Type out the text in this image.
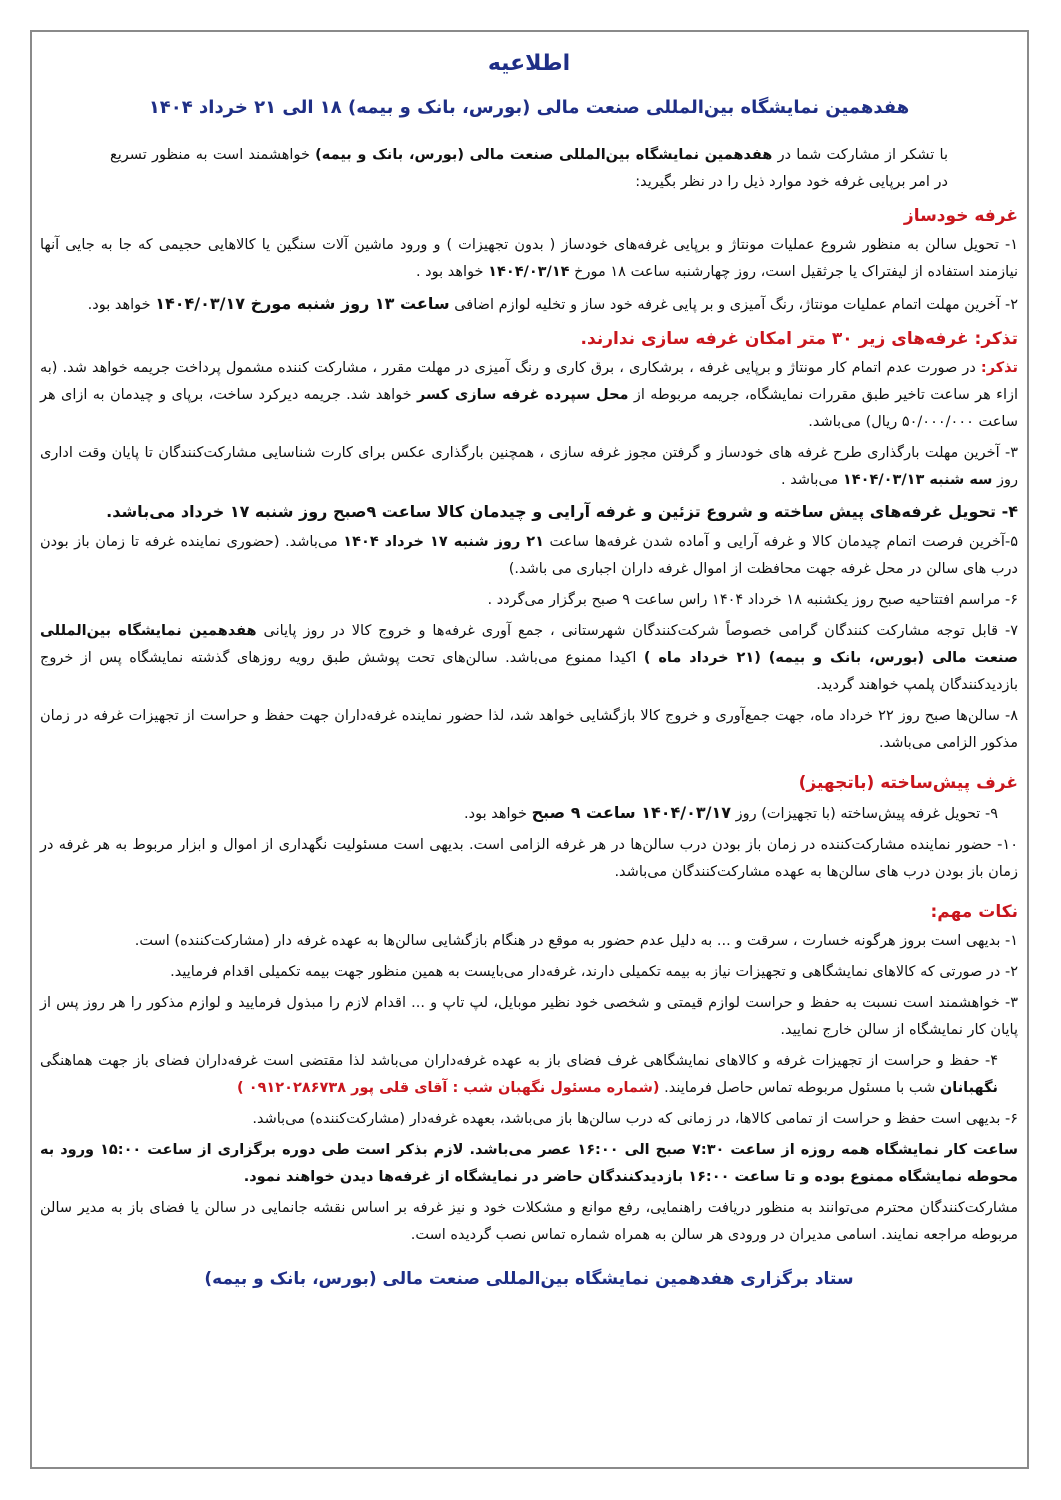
اطلاعیه
هفدهمین نمایشگاه بین‌المللی صنعت مالی (بورس، بانک و بیمه) ۱۸ الی ۲۱ خرداد ۱۴۰۴
با تشکر از مشارکت شما در هفدهمین نمایشگاه بین‌المللی صنعت مالی (بورس، بانک و بیمه) خواهشمند است به منظور تسریع در امر برپایی غرفه خود موارد ذیل را در نظر بگیرید:
غرفه خودساز
۱- تحویل سالن به منظور شروع عملیات مونتاژ و برپایی غرفه‌های خودساز ( بدون تجهیزات ) و ورود ماشین آلات سنگین یا کالاهایی حجیمی که جا به جایی آنها نیازمند استفاده از لیفتراک یا جرثقیل است، روز چهارشنبه ساعت ۱۸ مورخ ۱۴۰۴/۰۳/۱۴ خواهد بود .
۲- آخرین مهلت اتمام عملیات مونتاژ، رنگ آمیزی و بر پایی غرفه خود ساز و تخلیه لوازم اضافی ساعت ۱۳ روز شنبه مورخ ۱۴۰۴/۰۳/۱۷ خواهد بود.
تذکر: غرفه‌های زیر ۳۰ متر امکان غرفه سازی ندارند.
تذکر: در صورت عدم اتمام کار مونتاژ و برپایی غرفه ، برشکاری ، برق کاری و رنگ آمیزی در مهلت مقرر ، مشارکت کننده مشمول پرداخت جریمه خواهد شد. (به ازاء هر ساعت تاخیر طبق مقررات نمایشگاه، جریمه مربوطه از محل سپرده غرفه سازی کسر خواهد شد. جریمه دیرکرد ساخت، برپای و چیدمان به ازای هر ساعت ۵۰/۰۰۰/۰۰۰ ریال) می‌باشد.
۳- آخرین مهلت بارگذاری طرح غرفه های خودساز و گرفتن مجوز غرفه سازی ، همچنین بارگذاری عکس برای کارت شناسایی مشارکت‌کنندگان تا پایان وقت اداری روز سه شنبه ۱۴۰۴/۰۳/۱۳ می‌باشد .
۴- تحویل غرفه‌های پیش ساخته و شروع تزئین و غرفه آرایی و چیدمان کالا ساعت ۹صبح روز شنبه ۱۷ خرداد می‌باشد.
۵-آخرین فرصت اتمام چیدمان کالا و غرفه آرایی و آماده شدن غرفه‌ها ساعت ۲۱ روز شنبه ۱۷ خرداد ۱۴۰۴ می‌باشد. (حضوری نماینده غرفه تا زمان باز بودن درب های سالن در محل غرفه جهت محافظت از اموال غرفه داران اجباری می باشد.)
۶- مراسم افتتاحیه صبح روز یکشنبه ۱۸ خرداد ۱۴۰۴ راس ساعت ۹ صبح برگزار می‌گردد .
۷- قابل توجه مشارکت کنندگان گرامی خصوصاً شرکت‌کنندگان شهرستانی ، جمع آوری غرفه‌ها و خروج کالا در روز پایانی هفدهمین نمایشگاه بین‌المللی صنعت مالی (بورس، بانک و بیمه) (۲۱ خرداد ماه ) اکیدا ممنوع می‌باشد. سالن‌های تحت پوشش طبق رویه روزهای گذشته نمایشگاه پس از خروج بازدیدکنندگان پلمپ خواهند گردید.
۸- سالن‌ها صبح روز ۲۲ خرداد ماه، جهت جمع‌آوری و خروج کالا بازگشایی خواهد شد، لذا حضور نماینده غرفه‌داران جهت حفظ و حراست از تجهیزات غرفه در زمان مذکور الزامی می‌باشد.
غرف پیش‌ساخته (باتجهیز)
۹- تحویل غرفه پیش‌ساخته (با تجهیزات) روز ۱۴۰۴/۰۳/۱۷ ساعت ۹ صبح خواهد بود.
۱۰- حضور نماینده مشارکت‌کننده در زمان باز بودن درب سالن‌ها در هر غرفه الزامی است. بدیهی است مسئولیت نگهداری از اموال و ابزار مربوط به هر غرفه در زمان باز بودن درب های سالن‌ها به عهده مشارکت‌کنندگان می‌باشد.
نکات مهم:
۱- بدیهی است بروز هرگونه خسارت ، سرقت و ... به دلیل عدم حضور به موقع در هنگام بازگشایی سالن‌ها به عهده غرفه دار (مشارکت‌کننده) است.
۲- در صورتی که کالاهای نمایشگاهی و تجهیزات نیاز به بیمه تکمیلی دارند، غرفه‌دار می‌بایست به همین منظور جهت بیمه تکمیلی اقدام فرمایید.
۳- خواهشمند است نسبت به حفظ و حراست لوازم قیمتی و شخصی خود نظیر موبایل، لپ تاپ و ... اقدام لازم را مبذول فرمایید و لوازم مذکور را هر روز پس از پایان کار نمایشگاه از سالن خارج نمایید.
۴- حفظ و حراست از تجهیزات غرفه و کالاهای نمایشگاهی غرف فضای باز به عهده غرفه‌داران می‌باشد لذا مقتضی است غرفه‌داران فضای باز جهت هماهنگی نگهبانان شب با مسئول مربوطه تماس حاصل فرمایند. (شماره مسئول نگهبان شب : آقای قلی پور ۰۹۱۲۰۲۸۶۷۳۸ )
۶- بدیهی است حفظ و حراست از تمامی کالاها، در زمانی که درب سالن‌ها باز می‌باشد، بعهده غرفه‌دار (مشارکت‌کننده) می‌باشد.
ساعت کار نمایشگاه همه روزه از ساعت ۷:۳۰ صبح الی ۱۶:۰۰ عصر می‌باشد. لازم بذکر است طی دوره برگزاری از ساعت ۱۵:۰۰ ورود به محوطه نمایشگاه ممنوع بوده و تا ساعت ۱۶:۰۰ بازدیدکنندگان حاضر در نمایشگاه از غرفه‌ها دیدن خواهند نمود.
مشارکت‌کنندگان محترم می‌توانند به منظور دریافت راهنمایی، رفع موانع و مشکلات خود و نیز غرفه بر اساس نقشه جانمایی در سالن یا فضای باز به مدیر سالن مربوطه مراجعه نمایند. اسامی مدیران در ورودی هر سالن به همراه شماره تماس نصب گردیده است.
ستاد برگزاری هفدهمین نمایشگاه بین‌المللی صنعت مالی (بورس، بانک و بیمه)
